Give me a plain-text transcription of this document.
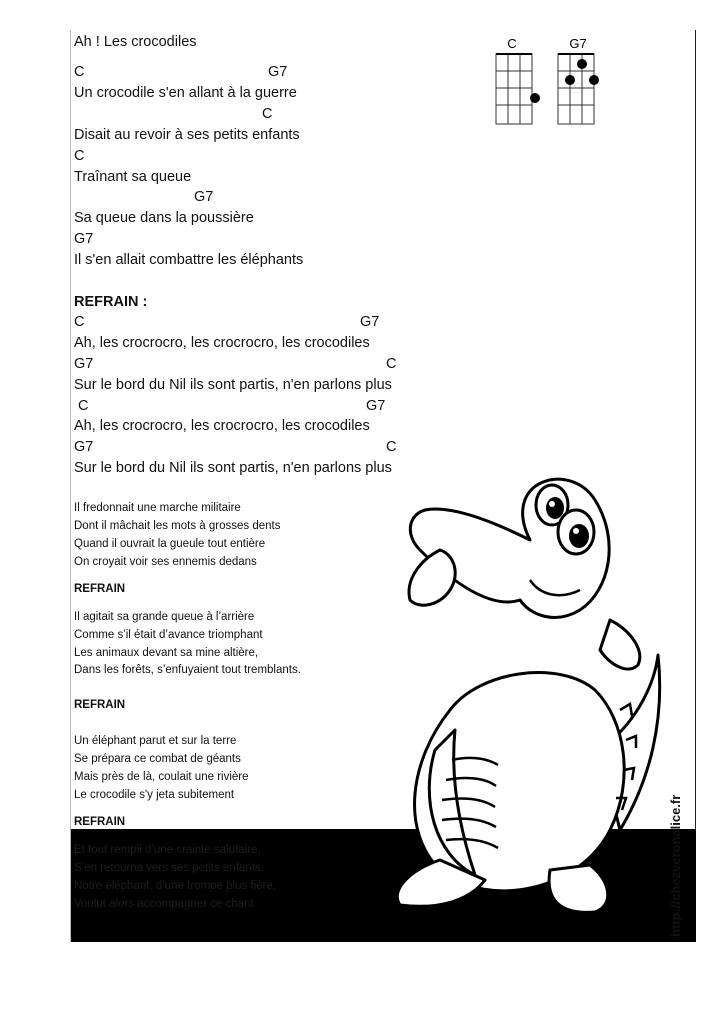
C	G7
Ah ! Les crocodiles
C	G7
Un crocodile s'en allant à la guerre
C
Disait au revoir à ses petits enfants
C
Traînant sa queue
G7
Sa queue dans la poussière
G7
Il s'en allait combattre les éléphants
REFRAIN :
C	G7
Ah, les crocrocro, les crocrocro, les crocodiles
G7	C
Sur le bord du Nil ils sont partis, n'en parlons plus
C	G7
Ah, les crocrocro, les crocrocro, les crocodiles
G7	C
Sur le bord du Nil ils sont partis, n'en parlons plus
Il fredonnait une marche militaire
Dont il mâchait les mots à grosses dents
Quand il ouvrait la gueule tout entière
On croyait voir ses ennemis dedans
REFRAIN
Il agitait sa grande queue à l’arrière
Comme s’il était d’avance triomphant
Les animaux devant sa mine altière,
Dans les forêts, s’enfuyaient tout tremblants.
REFRAIN
Un éléphant parut et sur la terre
Se prépara ce combat de géants
Mais près de là, coulait une rivière
Le crocodile s'y jeta subitement
REFRAIN
Et tout rempli d’une crainte salutaire,
S’en retourna vers ses petits enfants.
Notre éléphant, d’une trompe plus fière,
Voulut alors accompagner ce chant	http://chezveronalice.fr
